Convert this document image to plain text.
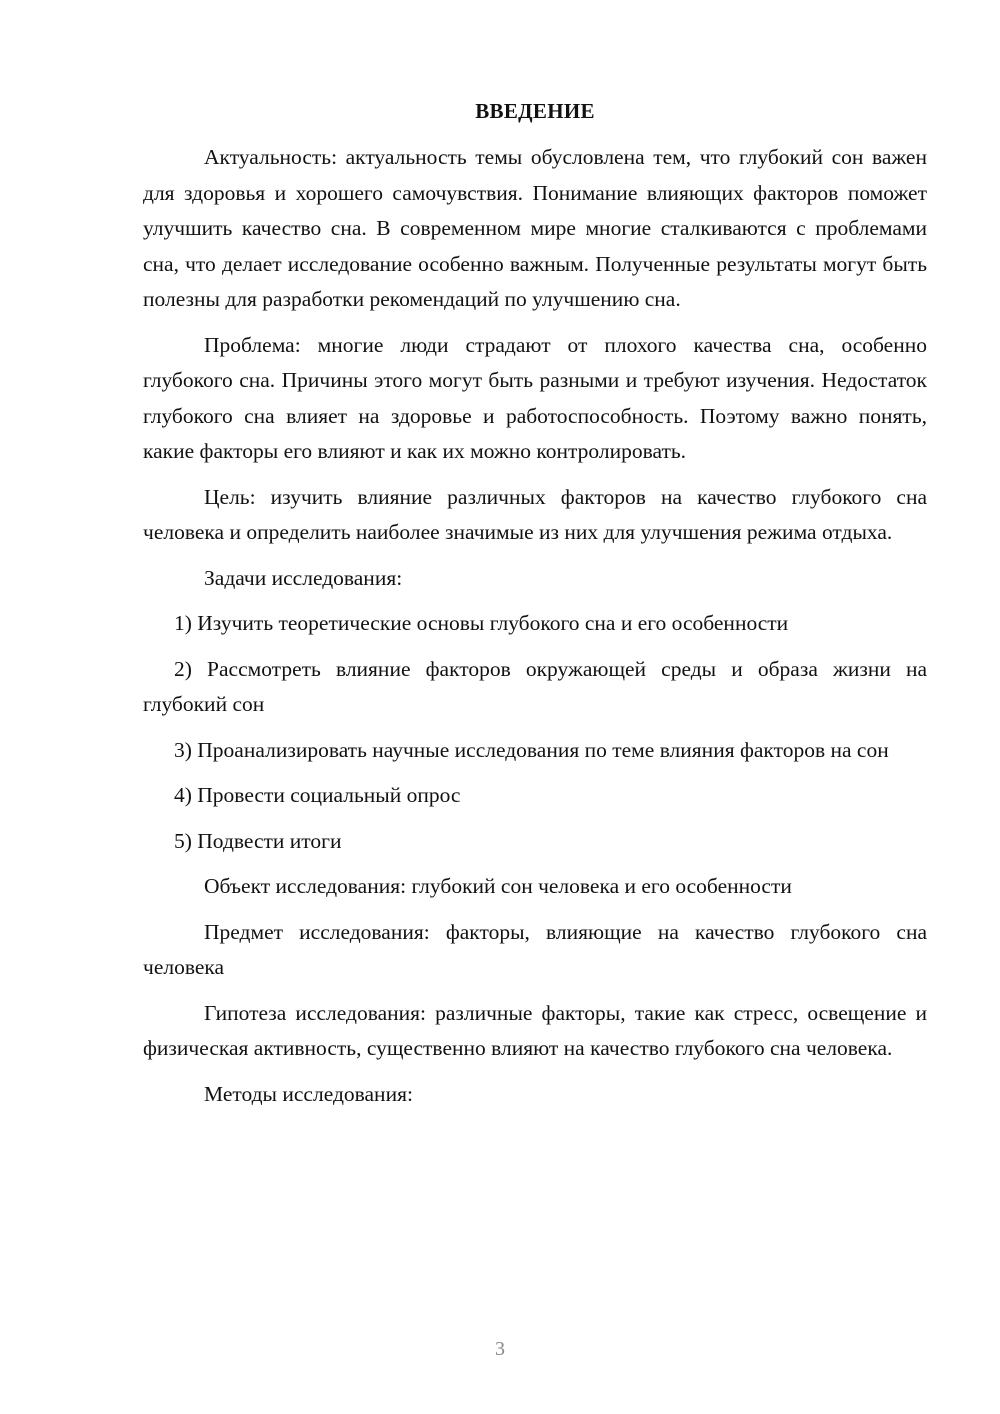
ВВЕДЕНИЕ

Актуальность: актуальность темы обусловлена тем, что глубокий сон важен для здоровья и хорошего самочувствия. Понимание влияющих факторов поможет улучшить качество сна. В современном мире многие сталкиваются с проблемами сна, что делает исследование особенно важным. Полученные результаты могут быть полезны для разработки рекомендаций по улучшению сна.

Проблема: многие люди страдают от плохого качества сна, особенно глубокого сна. Причины этого могут быть разными и требуют изучения. Недостаток глубокого сна влияет на здоровье и работоспособность. Поэтому важно понять, какие факторы его влияют и как их можно контролировать.

Цель: изучить влияние различных факторов на качество глубокого сна человека и определить наиболее значимые из них для улучшения режима отдыха.

Задачи исследования:

1) Изучить теоретические основы глубокого сна и его особенности

2) Рассмотреть влияние факторов окружающей среды и образа жизни на глубокий сон

3) Проанализировать научные исследования по теме влияния факторов на сон

4) Провести социальный опрос

5) Подвести итоги

Объект исследования: глубокий сон человека и его особенности

Предмет исследования: факторы, влияющие на качество глубокого сна человека

Гипотеза исследования: различные факторы, такие как стресс, освещение и физическая активность, существенно влияют на качество глубокого сна человека.

Методы исследования:

3
